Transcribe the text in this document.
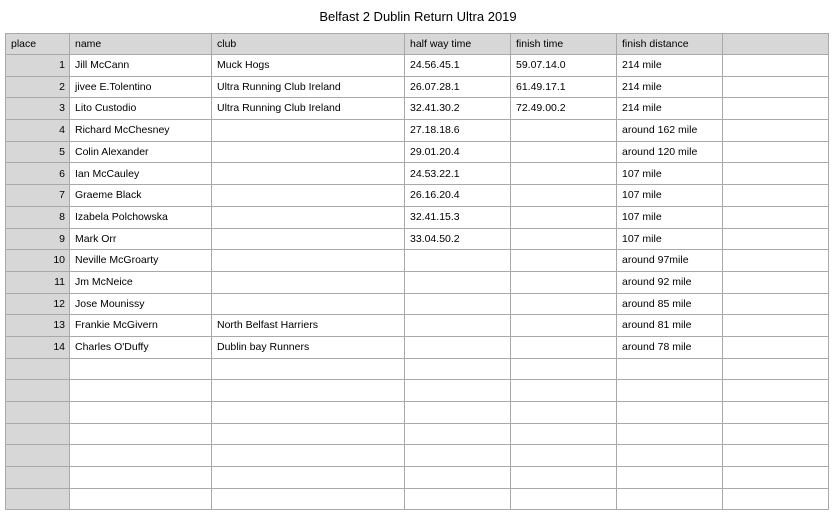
Belfast 2 Dublin Return Ultra 2019
place	name	club	half way time	finish time	finish distance	
1	Jill McCann	Muck Hogs	24.56.45.1	59.07.14.0	214 mile	
2	jivee E.Tolentino	Ultra Running Club Ireland	26.07.28.1	61.49.17.1	214 mile	
3	Lito Custodio	Ultra Running Club Ireland	32.41.30.2	72.49.00.2	214 mile	
4	Richard McChesney		27.18.18.6		around 162 mile	
5	Colin Alexander		29.01.20.4		around 120 mile	
6	Ian McCauley		24.53.22.1		107 mile	
7	Graeme Black		26.16.20.4		107 mile	
8	Izabela Polchowska		32.41.15.3		107 mile	
9	Mark Orr		33.04.50.2		107 mile	
10	Neville McGroarty				around 97mile	
11	Jm McNeice				around 92 mile	
12	Jose Mounissy				around 85 mile	
13	Frankie McGivern	North Belfast Harriers			around 81 mile	
14	Charles O'Duffy	Dublin bay Runners			around 78 mile	
